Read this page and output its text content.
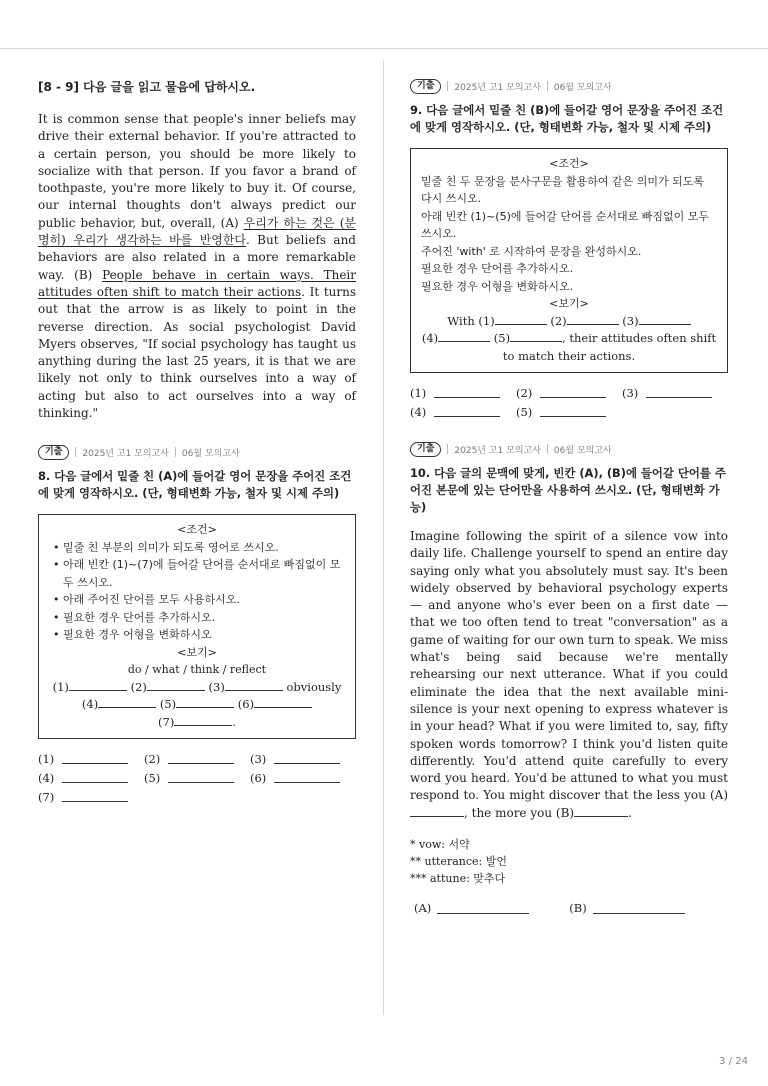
[8 - 9] 다음 글을 읽고 물음에 답하시오.

It is common sense that people's inner beliefs may drive their external behavior. If you're attracted to a certain person, you should be more likely to socialize with that person. If you favor a brand of toothpaste, you're more likely to buy it. Of course, our internal thoughts don't always predict our public behavior, but, overall, (A) 우리가 하는 것은 (분명히) 우리가 생각하는 바를 반영한다. But beliefs and behaviors are also related in a more remarkable way. (B) People behave in certain ways. Their attitudes often shift to match their actions. It turns out that the arrow is as likely to point in the reverse direction. As social psychologist David Myers observes, "If social psychology has taught us anything during the last 25 years, it is that we are likely not only to think ourselves into a way of acting but also to act ourselves into a way of thinking."

기출	2025년 고1 모의고사 06월 모의고사
8. 다음 글에서 밑줄 친 (A)에 들어갈 영어 문장을 주어진 조건에 맞게 영작하시오. (단, 형태변화 가능, 철자 및 시제 주의)
<조건>
• 밑줄 친 부분의 의미가 되도록 영어로 쓰시오.
• 아래 빈칸 (1)~(7)에 들어갈 단어를 순서대로 빠짐없이 모두 쓰시오.
• 아래 주어진 단어를 모두 사용하시오.
• 필요한 경우 단어를 추가하시오.
• 필요한 경우 어형을 변화하시오
<보기>
do / what / think / reflect
(1)	(2)	(3)	obviously
(4)	(5)	(6)
(7)	.
(1)	(2)	(3)
(4)	(5)	(6)
(7)
기출	2025년 고1 모의고사 06월 모의고사
9. 다음 글에서 밑줄 친 (B)에 들어갈 영어 문장을 주어진 조건에 맞게 영작하시오. (단, 형태변화 가능, 철자 및 시제 주의)
<조건>
밑줄 친 두 문장을 분사구문을 활용하여 같은 의미가 되도록 다시 쓰시오.
아래 빈칸 (1)~(5)에 들어갈 단어를 순서대로 빠짐없이 모두 쓰시오.
주어진 'with' 로 시작하여 문장을 완성하시오.
필요한 경우 단어를 추가하시오.
필요한 경우 어형을 변화하시오.
<보기>
With (1)	(2)	(3)
(4)	(5)	, their attitudes often shift
to match their actions.
(1)	(2)	(3)
(4)	(5)
기출	2025년 고1 모의고사 06월 모의고사
10. 다음 글의 문맥에 맞게, 빈칸 (A), (B)에 들어갈 단어를 주어진 본문에 있는 단어만을 사용하여 쓰시오. (단, 형태변화 가능)

Imagine following the spirit of a silence vow into daily life. Challenge yourself to spend an entire day saying only what you absolutely must say. It's been widely observed by behavioral psychology experts — and anyone who's ever been on a first date — that we too often tend to treat "conversation" as a game of waiting for our own turn to speak. We miss what's being said because we're mentally rehearsing our next utterance. What if you could eliminate the idea that the next available mini-silence is your next opening to express whatever is in your head? What if you were limited to, say, fifty spoken words tomorrow? I think you'd listen quite differently. You'd attend quite carefully to every word you heard. You'd be attuned to what you must respond to. You might discover that the less you (A), the more you (B)	.

* vow: 서약
** utterance: 발언
*** attune: 맞추다
(A)	(B)
3 / 24
